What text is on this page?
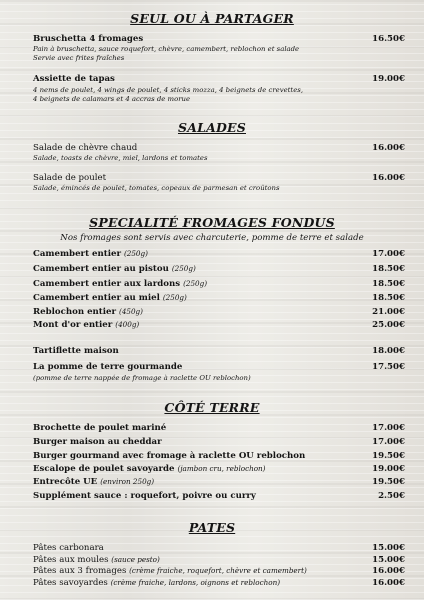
SEUL OU À PARTAGER
Bruschetta 4 fromages	16.50€
Pain à bruschetta, sauce roquefort, chèvre, camembert, reblochon et salade
Servie avec frites fraîches
Assiette de tapas	19.00€
4 nems de poulet, 4 wings de poulet, 4 sticks mozza, 4 beignets de crevettes,
4 beignets de calamars et 4 accras de morue
SALADES
Salade de chèvre chaud	16.00€
Salade, toasts de chèvre, miel, lardons et tomates
Salade de poulet	16.00€
Salade, émincés de poulet, tomates, copeaux de parmesan et croûtons
SPECIALITÉ FROMAGES FONDUS
Nos fromages sont servis avec charcuterie, pomme de terre et salade
Camembert entier (250g)	17.00€
Camembert entier au pistou (250g)	18.50€
Camembert entier aux lardons (250g)	18.50€
Camembert entier au miel (250g)	18.50€
Reblochon entier (450g)	21.00€
Mont d'or entier (400g)	25.00€
Tartiflette maison	18.00€
La pomme de terre gourmande	17.50€
(pomme de terre nappée de fromage à raclette OU reblochon)
CÔTÉ TERRE
Brochette de poulet mariné	17.00€
Burger maison au cheddar	17.00€
Burger gourmand avec fromage à raclette OU reblochon	19.50€
Escalope de poulet savoyarde (jambon cru, reblochon)	19.00€
Entrecôte UE (environ 250g)	19.50€
Supplément sauce : roquefort, poivre ou curry	2.50€
PATES
Pâtes carbonara	15.00€
Pâtes aux moules (sauce pesto)	15.00€
Pâtes aux 3 fromages (crème fraiche, roquefort, chèvre et camembert)	16.00€
Pâtes savoyardes (crème fraiche, lardons, oignons et reblochon)	16.00€
